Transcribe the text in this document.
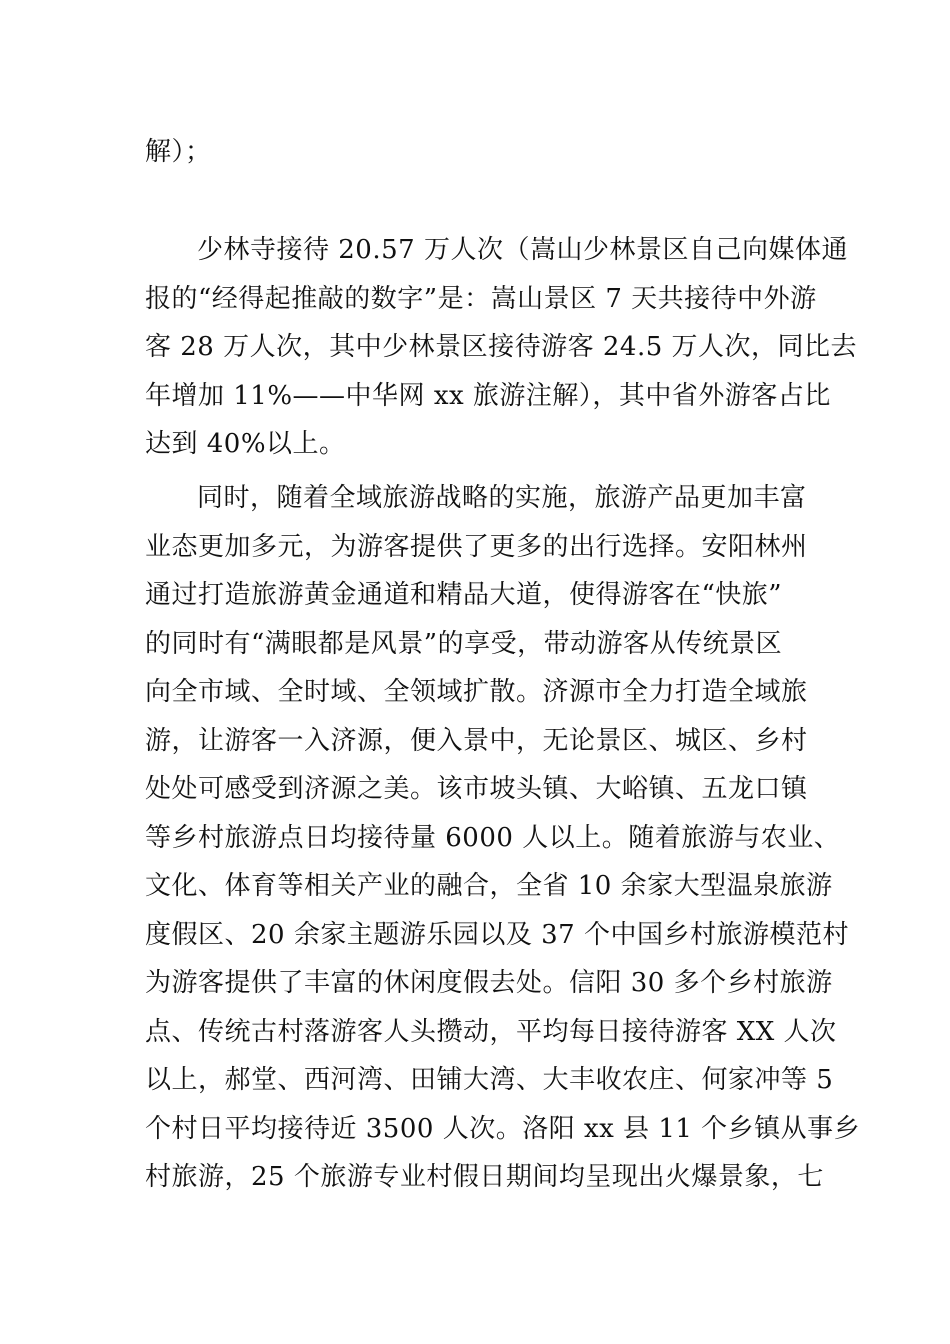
解）；
少林寺接待 20.57 万人次（嵩山少林景区自己向媒体通
报的“经得起推敲的数字”是：嵩山景区 7 天共接待中外游
客 28 万人次，其中少林景区接待游客 24.5 万人次，同比去
年增加 11%——中华网 xx 旅游注解），其中省外游客占比
达到 40%以上。
同时，随着全域旅游战略的实施，旅游产品更加丰富
业态更加多元，为游客提供了更多的出行选择。安阳林州
通过打造旅游黄金通道和精品大道，使得游客在“快旅”
的同时有“满眼都是风景”的享受，带动游客从传统景区
向全市域、全时域、全领域扩散。济源市全力打造全域旅
游，让游客一入济源，便入景中，无论景区、城区、乡村
处处可感受到济源之美。该市坡头镇、大峪镇、五龙口镇
等乡村旅游点日均接待量 6000 人以上。随着旅游与农业、
文化、体育等相关产业的融合，全省 10 余家大型温泉旅游
度假区、20 余家主题游乐园以及 37 个中国乡村旅游模范村
为游客提供了丰富的休闲度假去处。信阳 30 多个乡村旅游
点、传统古村落游客人头攒动，平均每日接待游客 XX 人次
以上，郝堂、西河湾、田铺大湾、大丰收农庄、何家冲等 5
个村日平均接待近 3500 人次。洛阳 xx 县 11 个乡镇从事乡
村旅游，25 个旅游专业村假日期间均呈现出火爆景象，七
